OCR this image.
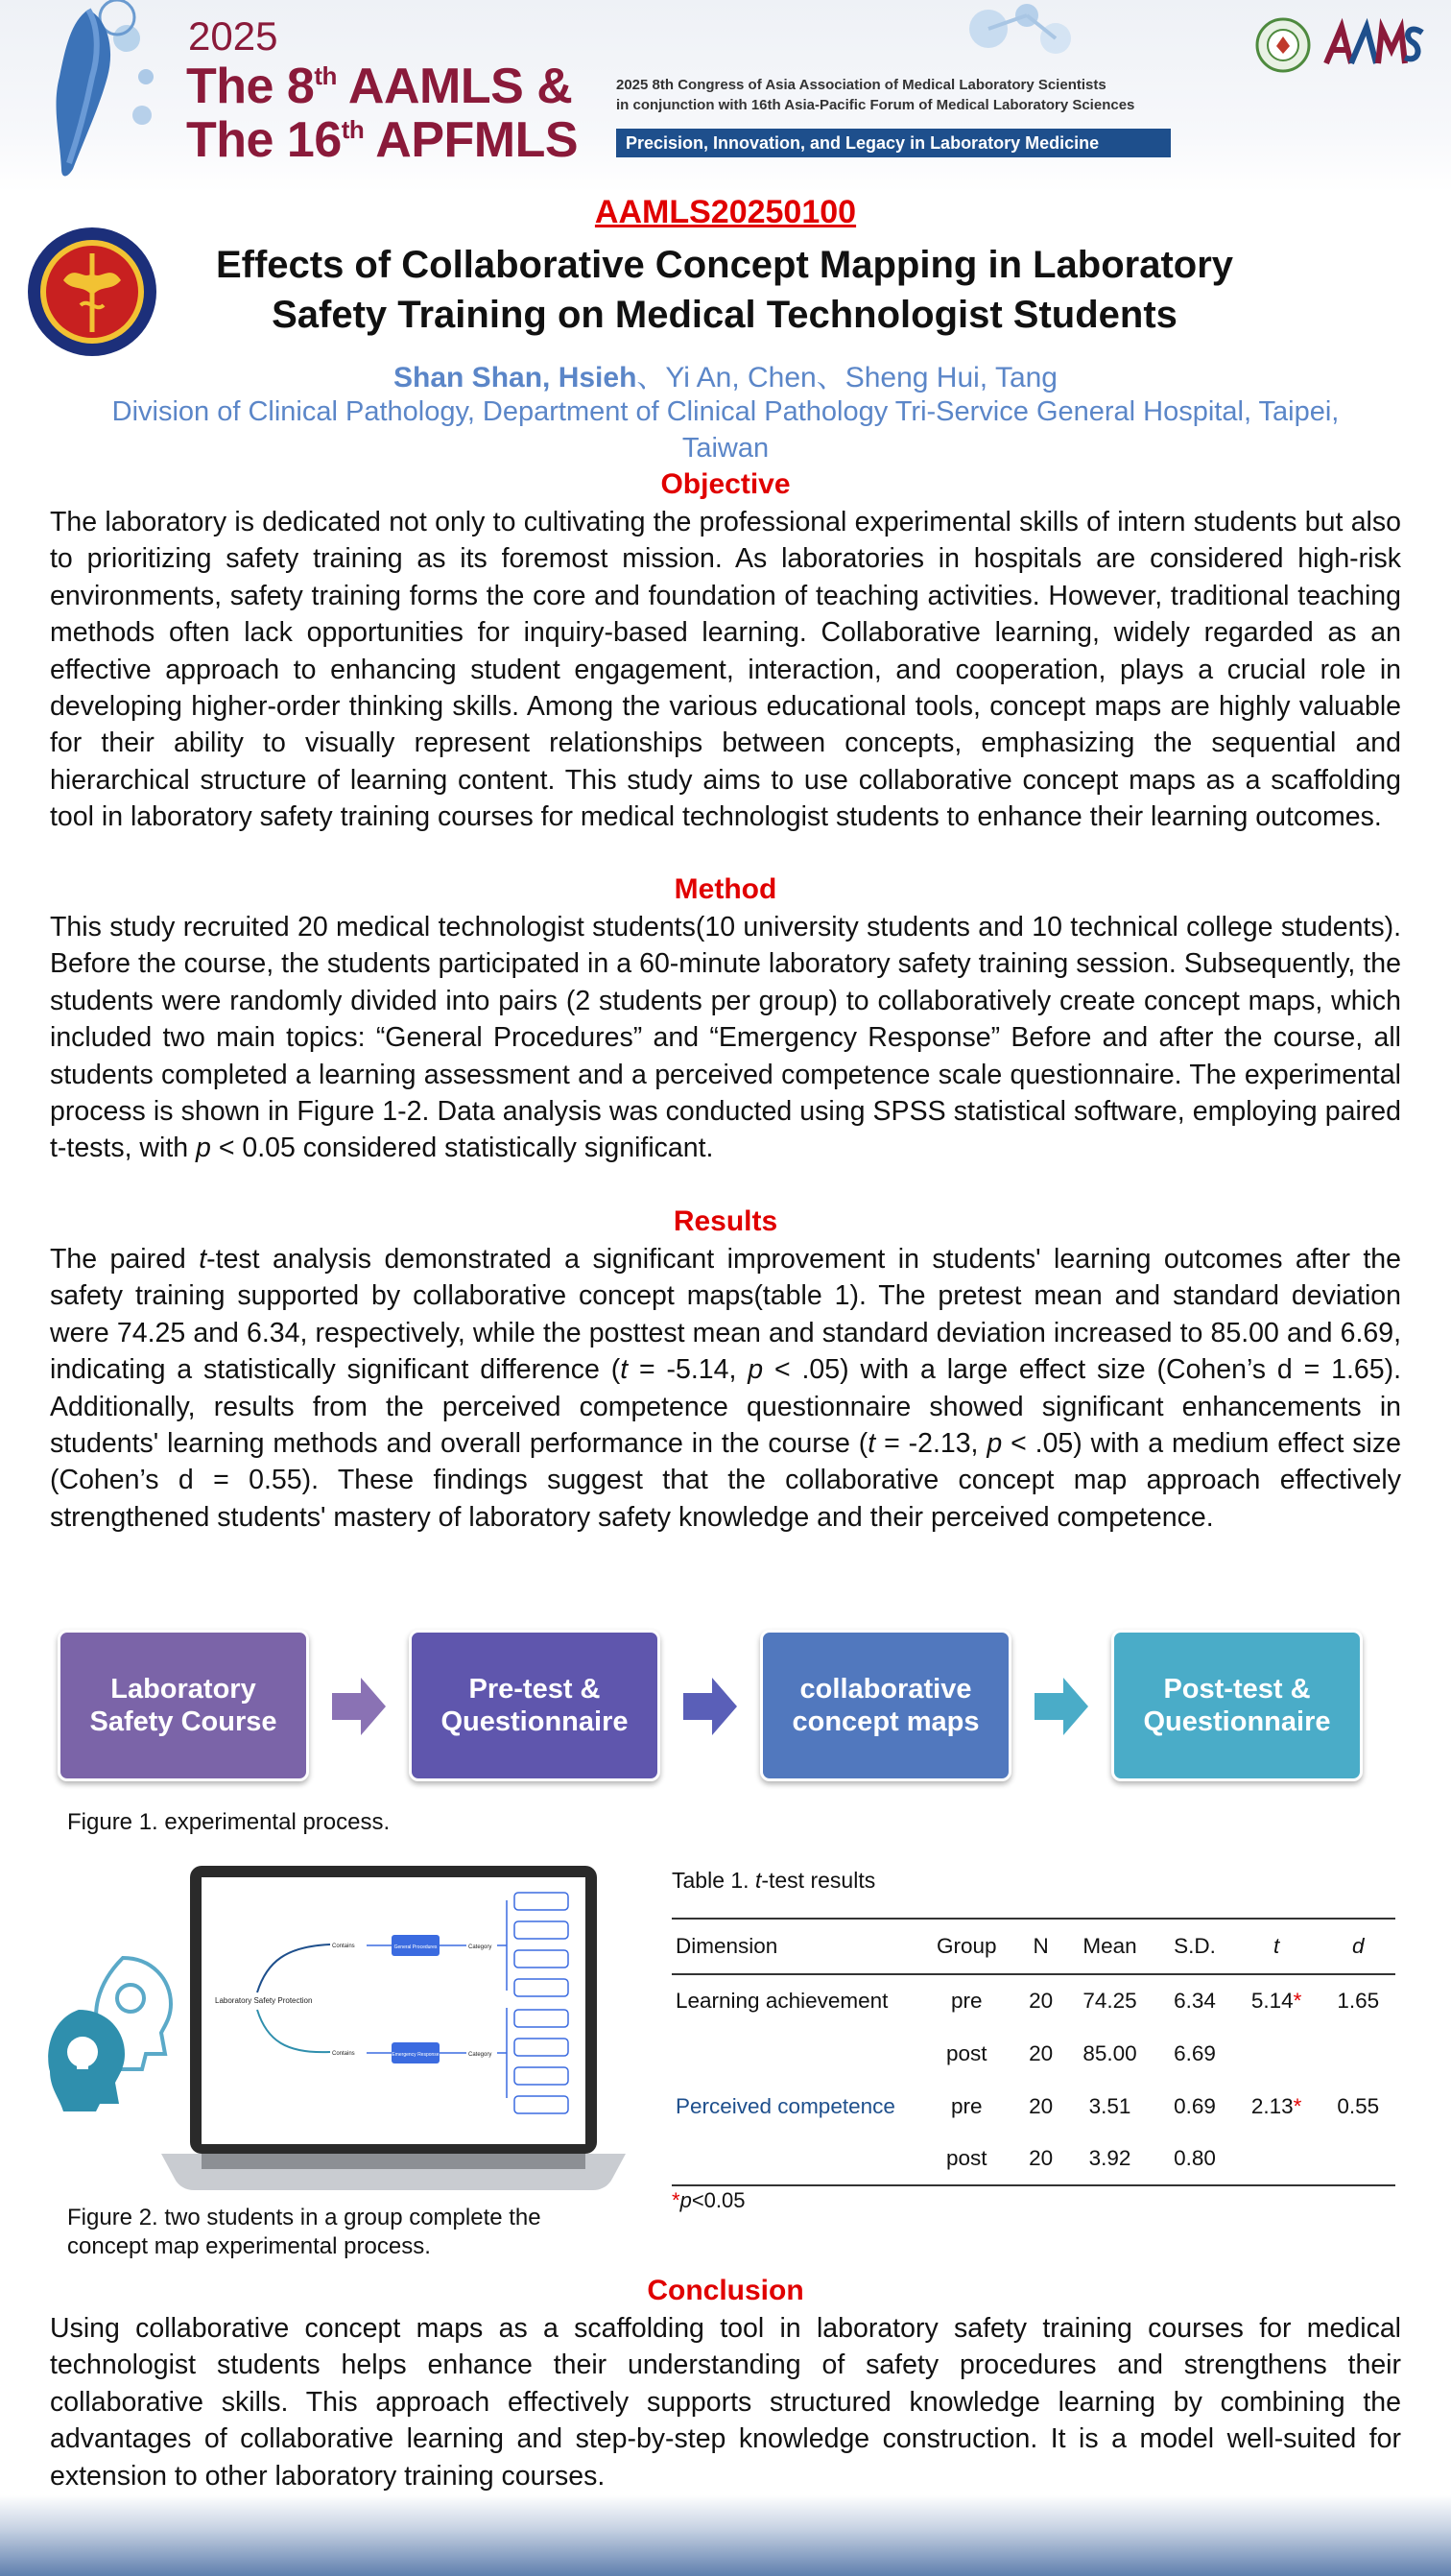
2025
The 8th AAMLS &
The 16th APFMLS
2025 8th Congress of Asia Association of Medical Laboratory Scientists
in conjunction with 16th Asia-Pacific Forum of Medical Laboratory Sciences
Precision, Innovation, and Legacy in Laboratory Medicine
AAMLS20250100
Effects of Collaborative Concept Mapping in Laboratory Safety Training on Medical Technologist Students
Shan Shan, Hsieh、Yi An, Chen、Sheng Hui, Tang
Division of Clinical Pathology, Department of Clinical Pathology Tri-Service General Hospital, Taipei, Taiwan
Objective
The laboratory is dedicated not only to cultivating the professional experimental skills of intern students but also to prioritizing safety training as its foremost mission. As laboratories in hospitals are considered high-risk environments, safety training forms the core and foundation of teaching activities. However, traditional teaching methods often lack opportunities for inquiry-based learning. Collaborative learning, widely regarded as an effective approach to enhancing student engagement, interaction, and cooperation, plays a crucial role in developing higher-order thinking skills. Among the various educational tools, concept maps are highly valuable for their ability to visually represent relationships between concepts, emphasizing the sequential and hierarchical structure of learning content. This study aims to use collaborative concept maps as a scaffolding tool in laboratory safety training courses for medical technologist students to enhance their learning outcomes.
Method
This study recruited 20 medical technologist students(10 university students and 10 technical college students). Before the course, the students participated in a 60-minute laboratory safety training session. Subsequently, the students were randomly divided into pairs (2 students per group) to collaboratively create concept maps, which included two main topics: “General Procedures” and “Emergency Response” Before and after the course, all students completed a learning assessment and a perceived competence scale questionnaire. The experimental process is shown in Figure 1-2. Data analysis was conducted using SPSS statistical software, employing paired t-tests, with p < 0.05 considered statistically significant.
Results
The paired t-test analysis demonstrated a significant improvement in students' learning outcomes after the safety training supported by collaborative concept maps(table 1). The pretest mean and standard deviation were 74.25 and 6.34, respectively, while the posttest mean and standard deviation increased to 85.00 and 6.69, indicating a statistically significant difference (t = -5.14, p < .05) with a large effect size (Cohen’s d = 1.65). Additionally, results from the perceived competence questionnaire showed significant enhancements in students' learning methods and overall performance in the course (t = -2.13, p < .05) with a medium effect size (Cohen’s d = 0.55). These findings suggest that the collaborative concept map approach effectively strengthened students' mastery of laboratory safety knowledge and their perceived competence.
Laboratory
Safety Course
Pre-test &
Questionnaire
collaborative
concept maps
Post-test &
Questionnaire
Figure 1. experimental process.
Laboratory Safety Protection
Contains
Contains
General Procedures
Emergency Response
Category
Category
Figure 2. two students in a group complete the
concept map experimental process.
Table 1. t-test results
Dimension	Group	N	Mean	S.D.	t	d
Learning achievement	pre	20	74.25	6.34	5.14*	1.65
	post	20	85.00	6.69		
Perceived competence	pre	20	3.51	0.69	2.13*	0.55
	post	20	3.92	0.80		
*p<0.05
Conclusion
Using collaborative concept maps as a scaffolding tool in laboratory safety training courses for medical technologist students helps enhance their understanding of safety procedures and strengthens their collaborative skills. This approach effectively supports structured knowledge learning by combining the advantages of collaborative learning and step-by-step knowledge construction. It is a model well-suited for extension to other laboratory training courses.
